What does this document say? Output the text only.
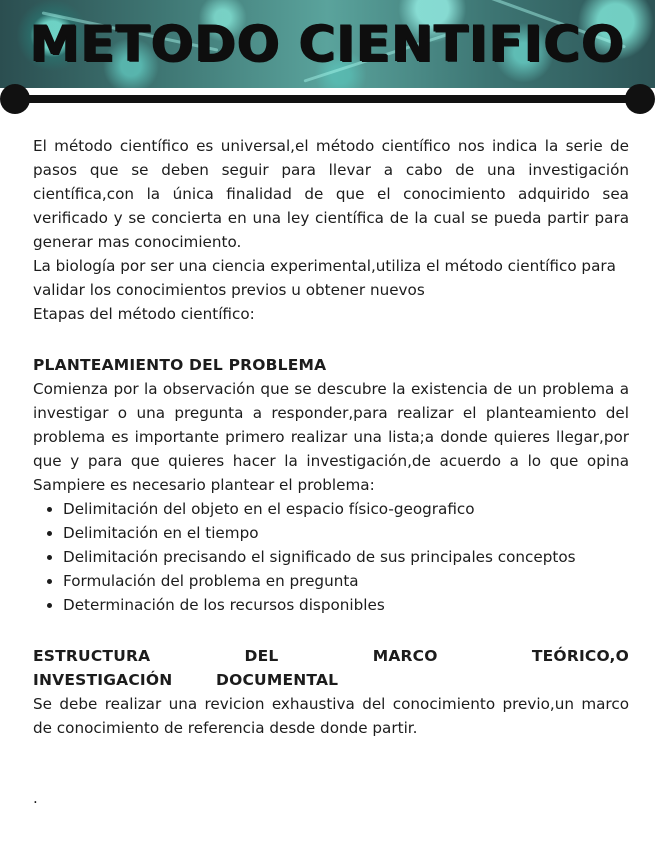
METODO CIENTIFICO

El método científico es universal,el método científico nos indica la serie de pasos que se deben seguir para llevar a cabo de una investigación científica,con la única finalidad de que el conocimiento adquirido sea verificado y se concierta en una ley científica de la cual se pueda partir para generar mas conocimiento.

La biología por ser una ciencia experimental,utiliza el método científico para validar los conocimientos previos u obtener nuevos

Etapas del método científico:

PLANTEAMIENTO DEL PROBLEMA

Comienza por la observación que se descubre la existencia de un problema a investigar o una pregunta a responder,para realizar el planteamiento del problema es importante primero realizar una lista;a donde quieres llegar,por que y para que quieres hacer la investigación,de acuerdo a lo que opina Sampiere es necesario plantear el problema:

• Delimitación del objeto en el espacio físico-geografico
• Delimitación en el tiempo
• Delimitación precisando el significado de sus principales conceptos
• Formulación del problema en pregunta
• Determinación de los recursos disponibles

ESTRUCTURA DEL MARCO TEÓRICO,O INVESTIGACIÓN DOCUMENTAL

Se debe realizar una revicion exhaustiva del conocimiento previo,un marco de conocimiento de referencia desde donde partir.

.
